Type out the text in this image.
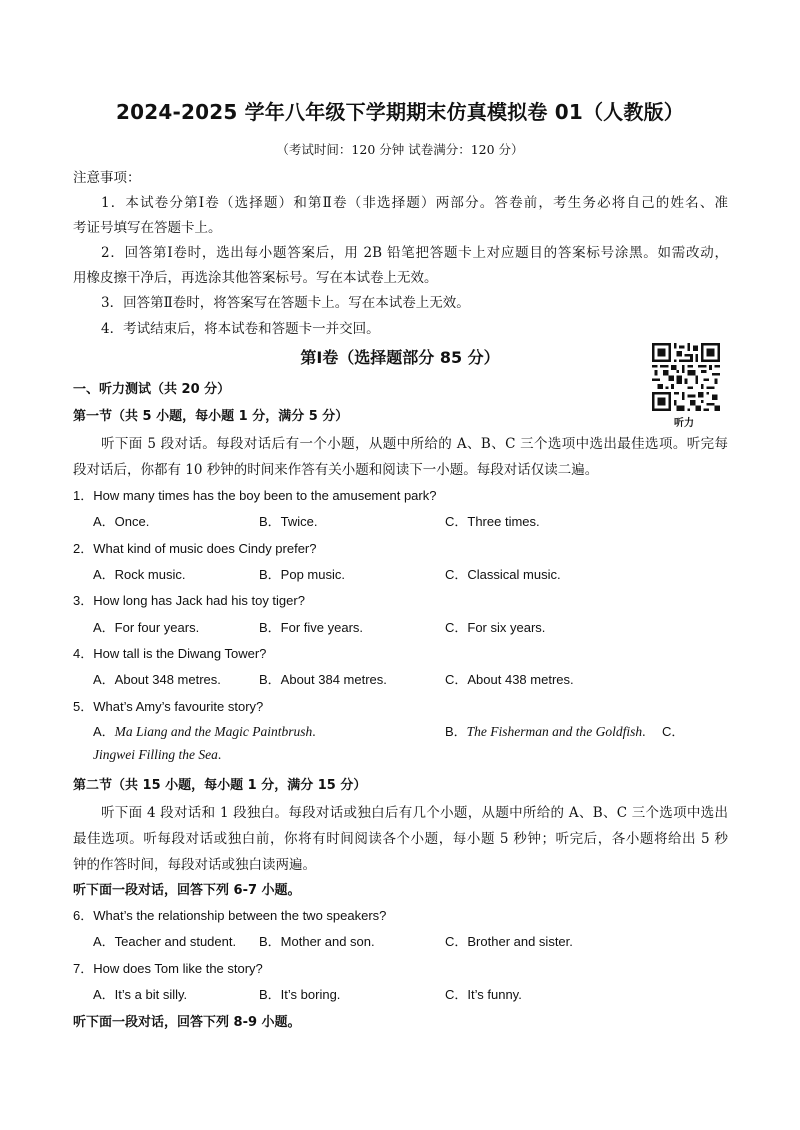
2024-2025 学年八年级下学期期末仿真模拟卷 01（人教版）
（考试时间：120 分钟 试卷满分：120 分）
注意事项：
1．本试卷分第Ⅰ卷（选择题）和第Ⅱ卷（非选择题）两部分。答卷前，考生务必将自己的姓名、准
考证号填写在答题卡上。
2．回答第Ⅰ卷时，选出每小题答案后，用 2B 铅笔把答题卡上对应题目的答案标号涂黑。如需改动，
用橡皮擦干净后，再选涂其他答案标号。写在本试卷上无效。
3．回答第Ⅱ卷时，将答案写在答题卡上。写在本试卷上无效。
4．考试结束后，将本试卷和答题卡一并交回。
第Ⅰ卷（选择题部分 85 分）
听力
一、听力测试（共 20 分）
第一节（共 5 小题，每小题 1 分，满分 5 分）
听下面 5 段对话。每段对话后有一个小题，从题中所给的 A、B、C 三个选项中选出最佳选项。听完每
段对话后，你都有 10 秒钟的时间来作答有关小题和阅读下一小题。每段对话仅读二遍。
1．How many times has the boy been to the amusement park?
A．Once.	B．Twice.	C．Three times.
2．What kind of music does Cindy prefer?
A．Rock music.	B．Pop music.	C．Classical music.
3．How long has Jack had his toy tiger?
A．For four years.	B．For five years.	C．For six years.
4．How tall is the Diwang Tower?
A．About 348 metres.	B．About 384 metres.	C．About 438 metres.
5．What’s Amy’s favourite story?
A．Ma Liang and the Magic Paintbrush.	B．The Fisherman and the Goldfish. C．
Jingwei Filling the Sea.
第二节（共 15 小题，每小题 1 分，满分 15 分）
听下面 4 段对话和 1 段独白。每段对话或独白后有几个小题，从题中所给的 A、B、C 三个选项中选出
最佳选项。听每段对话或独白前，你将有时间阅读各个小题，每小题 5 秒钟；听完后，各小题将给出 5 秒
钟的作答时间，每段对话或独白读两遍。
听下面一段对话，回答下列 6-7 小题。
6．What’s the relationship between the two speakers?
A．Teacher and student. B．Mother and son.	C．Brother and sister.
7．How does Tom like the story?
A．It’s a bit silly.	B．It’s boring.	C．It’s funny.
听下面一段对话，回答下列 8-9 小题。
